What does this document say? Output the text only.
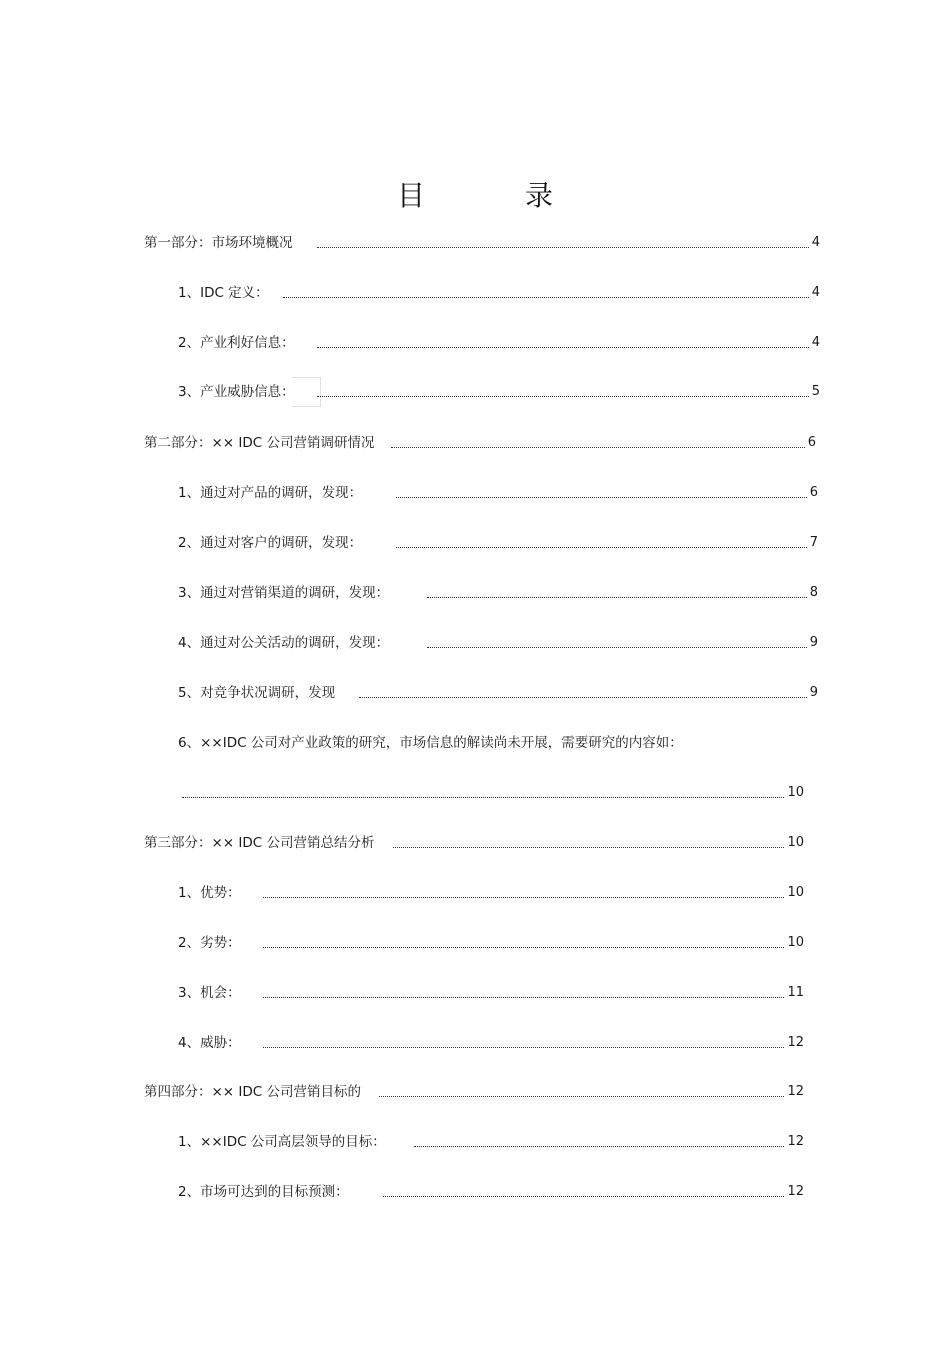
目　录
第一部分：市场环境概况	4
1、IDC 定义：	4
2、产业利好信息：	4
3、产业威胁信息：	5
第二部分：×× IDC 公司营销调研情况	6
1、通过对产品的调研，发现：	6
2、通过对客户的调研，发现：	7
3、通过对营销渠道的调研，发现：	8
4、通过对公关活动的调研，发现：	9
5、对竞争状况调研，发现	9
6、××IDC 公司对产业政策的研究，市场信息的解读尚未开展，需要研究的内容如：
10
第三部分：×× IDC 公司营销总结分析	10
1、优势：	10
2、劣势：	10
3、机会：	11
4、威胁：	12
第四部分：×× IDC 公司营销目标的	12
1、××IDC 公司高层领导的目标：	12
2、市场可达到的目标预测：	12
